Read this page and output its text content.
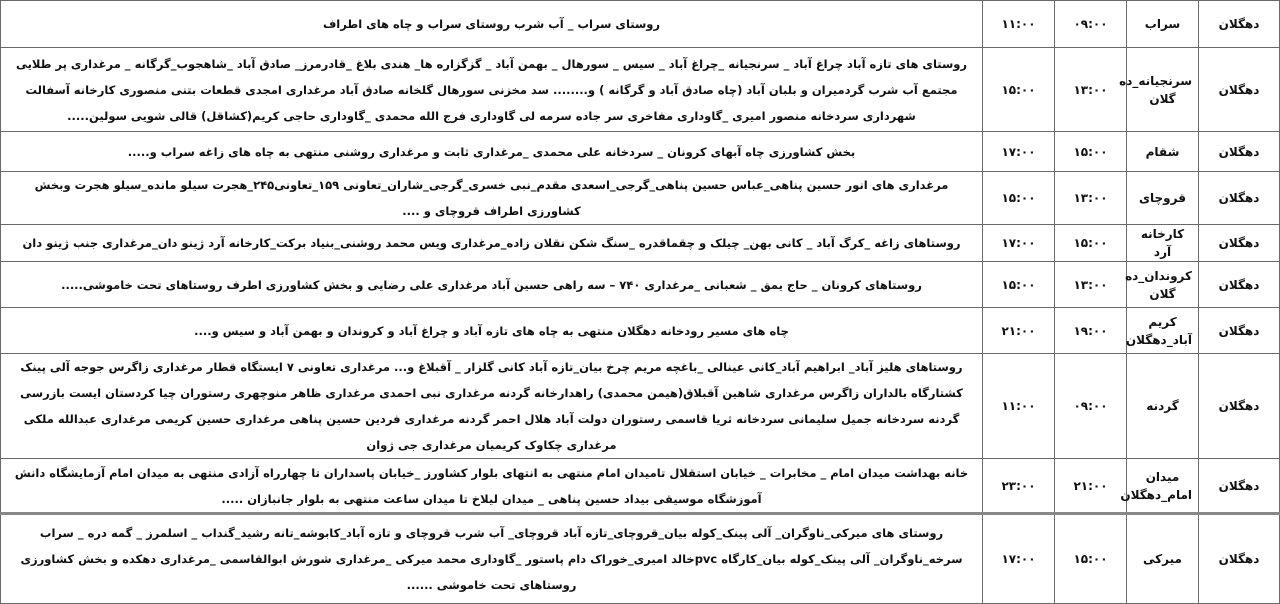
دهگلان	سراب	۰۹:۰۰	۱۱:۰۰	روستای سراب _ آب شرب روستای سراب و چاه های اطراف
دهگلان	سرنجیانه_ده گلان	۱۳:۰۰	۱۵:۰۰	روستای های تازه آباد چراغ آباد _ سرنجیانه _چراغ آباد _ سیس _ سورهال _ بهمن آباد _ گزگزاره ها_ هندی بلاغ _قادرمرز_ صادق آباد _شاهجوب_گرگانه _ مرغداری پر طلایی مجتمع آب شرب گردمیران و بلبان آباد (چاه صادق آباد و گرگانه ) و........ سد مخزنی سورهال گلخانه صادق آباد مرغداری امجدی قطعات بتنی منصوری کارخانه آسفالت شهرداری سردخانه منصور امیری _گاوداری مفاخری سر جاده سرمه لی گاوداری فرج الله محمدی _گاوداری حاجی کریم(کشاقل) قالی شویی سولین.....
دهگلان	شقام	۱۵:۰۰	۱۷:۰۰	بخش کشاورزی چاه آبهای کرونان _ سردخانه علی محمدی _مرغداری ثابت و مرغداری روشنی منتهی به چاه های زاغه سراب و.....
دهگلان	قروچای	۱۳:۰۰	۱۵:۰۰	مرغداری های انور حسین پناهی_عباس حسین پناهی_گرجی_اسعدی مقدم_نبی خسری_گرجی_شاران_تعاونی ۱۵۹_تعاونی۲۴۵_هجرت سیلو مانده_سیلو هجرت وبخش کشاورزی اطراف قروچای و ....
دهگلان	کارخانه آرد	۱۵:۰۰	۱۷:۰۰	روستاهای زاغه _کرگ آباد _ کانی بهن_ چیلک و چقماقدره _سنگ شکن نقلان زاده_مرغداری ویس محمد روشنی_بنیاد برکت_کارخانه آرد ژینو دان_مرغداری جنب ژینو دان
دهگلان	کروندان_ده گلان	۱۳:۰۰	۱۵:۰۰	روستاهای کرونان _ حاج یمق _ شعبانی _مرغداری ۷۴۰ – سه راهی حسین آباد مرغداری علی رضایی و بخش کشاورزی اطرف روستاهای تحت خاموشی.....
دهگلان	کریم آباد_دهگلان	۱۹:۰۰	۲۱:۰۰	چاه های مسیر رودخانه دهگلان منتهی به چاه های تازه آباد و چراغ آباد و کروندان و بهمن آباد و سیس و....
دهگلان	گردنه	۰۹:۰۰	۱۱:۰۰	روستاهای هلیز آباد_ ابراهیم آباد_کانی عینالی _باغچه مریم چرخ بیان_تازه آباد کانی گلزار _ آقبلاغ و... مرغداری تعاونی ۷ ایستگاه قطار مرغداری زاگرس جوجه آلی پینک کشتارگاه بالداران زاگرس مرغداری شاهین آقبلاق(هیمن محمدی) راهدارخانه گردنه مرغداری نبی احمدی مرغداری ظاهر منوچهری رستوران چیا کردستان ایست بازرسی گردنه سردخانه جمیل سلیمانی سردخانه ثریا قاسمی رستوران دولت آباد هلال احمر گردنه مرغداری فردین حسین پناهی مرغداری حسین کریمی مرغداری عبدالله ملکی مرغداری چکاوک کریمیان مرغداری جی ژوان
دهگلان	میدان امام_دهگلان	۲۱:۰۰	۲۳:۰۰	خانه بهداشت میدان امام _ مخابرات _ خیابان استقلال تامیدان امام منتهی به انتهای بلوار کشاورز _خیابان پاسداران تا چهارراه آزادی منتهی به میدان امام آزمایشگاه دانش آموزشگاه موسیقی بیداد حسین پناهی _ میدان لیلاخ تا میدان ساعت منتهی به بلوار جانبازان .....
دهگلان	میرکی	۱۵:۰۰	۱۷:۰۰	روستای های میرکی_ناوگران_ آلی پینک_کوله بیان_قروچای_تازه آباد قروچای_ آب شرب قروچای و تازه آباد_کابوشه_تانه رشید_گنداب _ اسلمرز _ گمه دره _ سراب سرخه_ناوگران_ آلی پینک_کوله بیان_کارگاه pvcخالد امیری_خوراک دام پاستور _گاوداری محمد میرکی _مرغداری شورش ابوالقاسمی _مرغداری دهکده و بخش کشاورزی روستاهای تحت خاموشی ......
